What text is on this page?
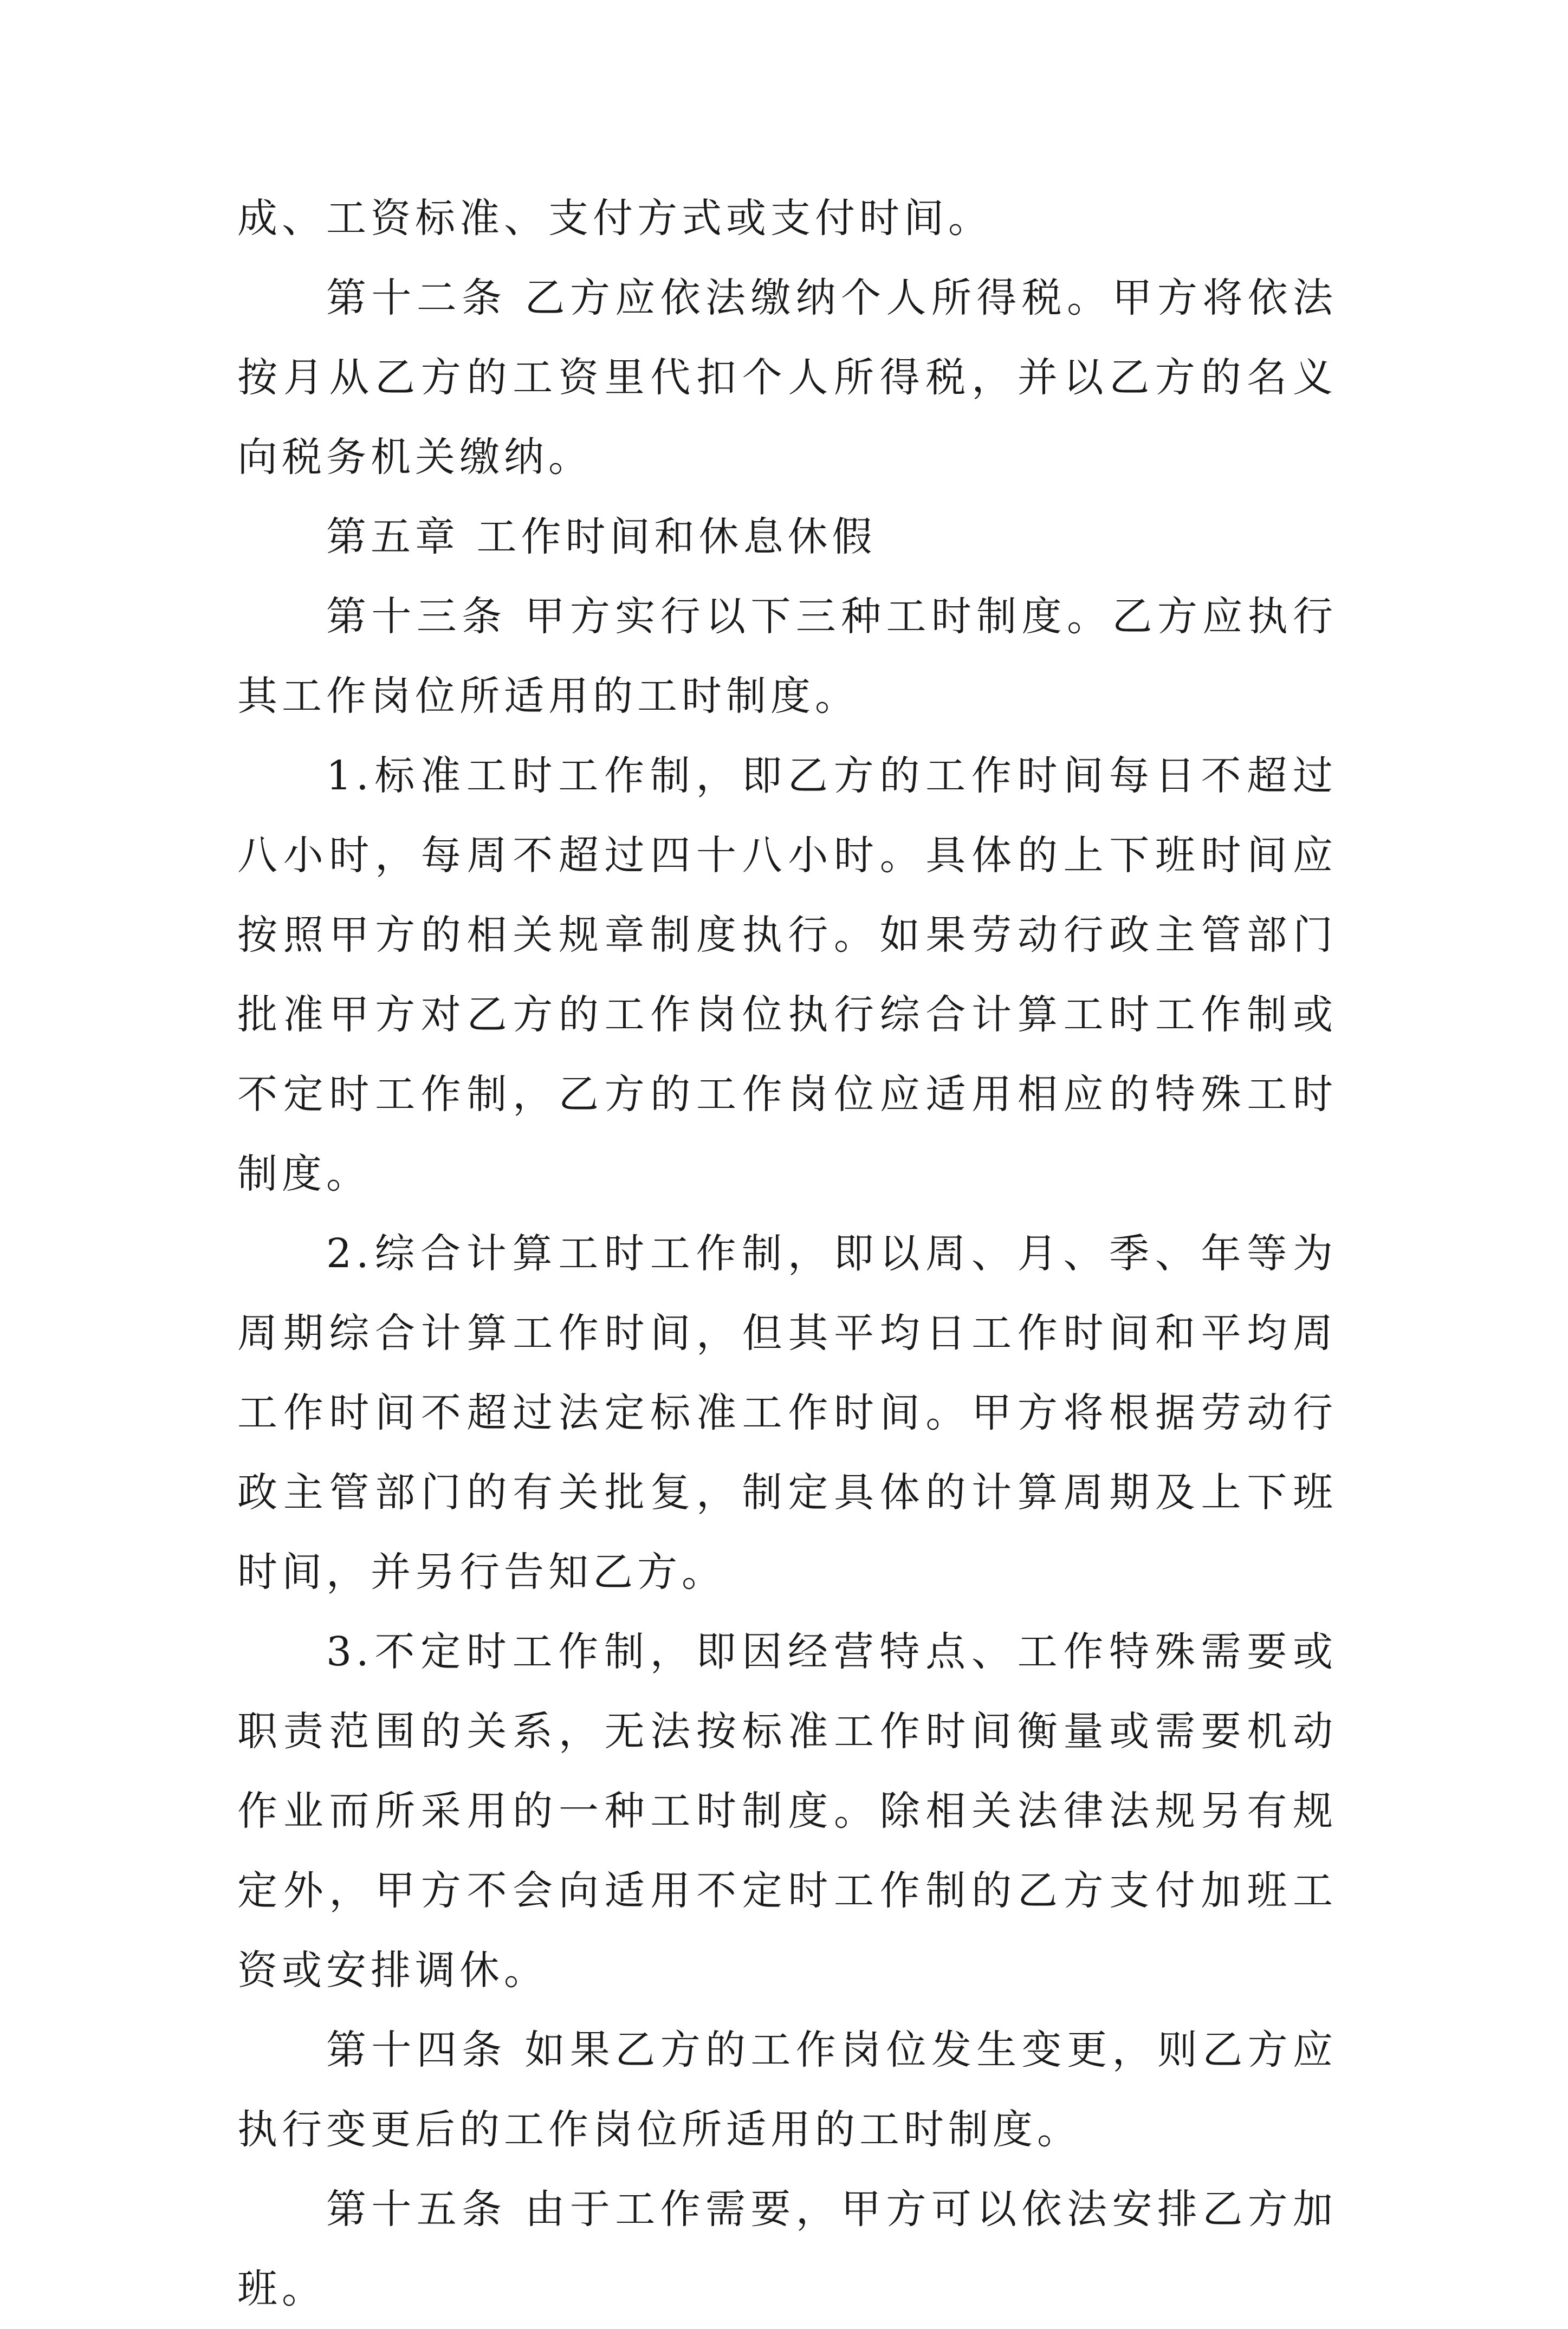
成、工资标准、支付方式或支付时间。

第十二条 乙方应依法缴纳个人所得税。甲方将依法按月从乙方的工资里代扣个人所得税，并以乙方的名义向税务机关缴纳。

第五章 工作时间和休息休假

第十三条 甲方实行以下三种工时制度。乙方应执行其工作岗位所适用的工时制度。

1.标准工时工作制，即乙方的工作时间每日不超过八小时，每周不超过四十八小时。具体的上下班时间应按照甲方的相关规章制度执行。如果劳动行政主管部门批准甲方对乙方的工作岗位执行综合计算工时工作制或不定时工作制，乙方的工作岗位应适用相应的特殊工时制度。

2.综合计算工时工作制，即以周、月、季、年等为周期综合计算工作时间，但其平均日工作时间和平均周工作时间不超过法定标准工作时间。甲方将根据劳动行政主管部门的有关批复，制定具体的计算周期及上下班时间，并另行告知乙方。

3.不定时工作制，即因经营特点、工作特殊需要或职责范围的关系，无法按标准工作时间衡量或需要机动作业而所采用的一种工时制度。除相关法律法规另有规定外，甲方不会向适用不定时工作制的乙方支付加班工资或安排调休。

第十四条 如果乙方的工作岗位发生变更，则乙方应执行变更后的工作岗位所适用的工时制度。

第十五条 由于工作需要，甲方可以依法安排乙方加班。
